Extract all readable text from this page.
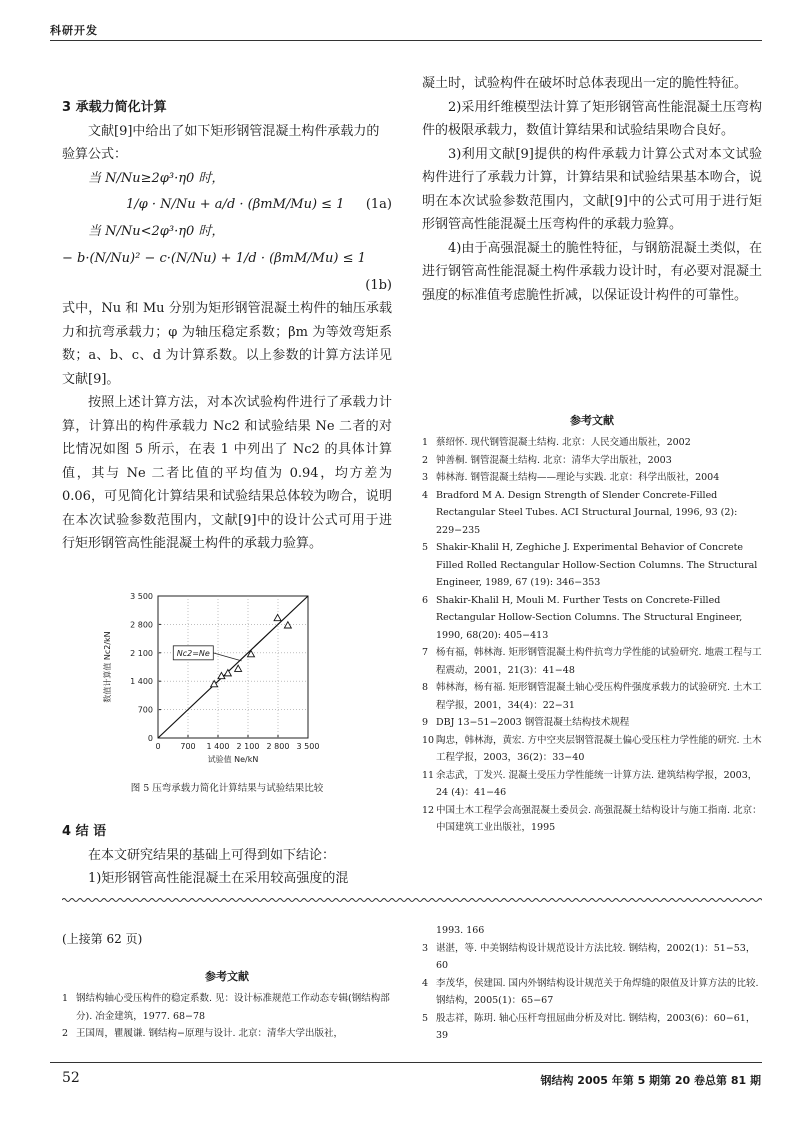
科研开发

3 承载力简化计算

文献[9]中给出了如下矩形钢管混凝土构件承载力的验算公式：

当 N/Nu≥2φ³·η0 时，

1/φ · N/Nu + a/d · (βmM/Mu) ≤ 1 (1a)

当 N/Nu<2φ³·η0 时，

− b·(N/Nu)² − c·(N/Nu) + 1/d · (βmM/Mu) ≤ 1
(1b)

式中，Nu 和 Mu 分别为矩形钢管混凝土构件的轴压承载力和抗弯承载力；φ 为轴压稳定系数；βm 为等效弯矩系数；a、b、c、d 为计算系数。以上参数的计算方法详见文献[9]。

按照上述计算方法，对本次试验构件进行了承载力计算，计算出的构件承载力 Nc2 和试验结果 Ne 二者的对比情况如图 5 所示，在表 1 中列出了 Nc2 的具体计算值，其与 Ne 二者比值的平均值为 0.94，均方差为 0.06，可见简化计算结果和试验结果总体较为吻合，说明在本次试验参数范围内，文献[9]中的设计公式可用于进行矩形钢管高性能混凝土构件的承载力验算。

0 700 1 400 2 100 2 800 3 500
0
700
1 400
2 100
2 800
3 500
Nc2=Ne
试验值 Ne/kN
数值计算值 Nc2/kN
图 5 压弯承载力简化计算结果与试验结果比较

4 结 语

在本文研究结果的基础上可得到如下结论：

1)矩形钢管高性能混凝土在采用较高强度的混

凝土时，试验构件在破坏时总体表现出一定的脆性特征。

2)采用纤维模型法计算了矩形钢管高性能混凝土压弯构件的极限承载力，数值计算结果和试验结果吻合良好。

3)利用文献[9]提供的构件承载力计算公式对本文试验构件进行了承载力计算，计算结果和试验结果基本吻合，说明在本次试验参数范围内，文献[9]中的公式可用于进行矩形钢管高性能混凝土压弯构件的承载力验算。

4)由于高强混凝土的脆性特征，与钢筋混凝土类似，在进行钢管高性能混凝土构件承载力设计时，有必要对混凝土强度的标准值考虑脆性折减，以保证设计构件的可靠性。

参考文献
1 蔡绍怀. 现代钢管混凝土结构. 北京：人民交通出版社，2002
2 钟善桐. 钢管混凝土结构. 北京：清华大学出版社，2003
3 韩林海. 钢管混凝土结构——理论与实践. 北京：科学出版社，2004
4 Bradford M A. Design Strength of Slender Concrete-Filled Rectangular Steel Tubes. ACI Structural Journal, 1996, 93 (2): 229−235
5 Shakir-Khalil H, Zeghiche J. Experimental Behavior of Concrete Filled Rolled Rectangular Hollow-Section Columns. The Structural Engineer, 1989, 67 (19): 346−353
6 Shakir-Khalil H, Mouli M. Further Tests on Concrete-Filled Rectangular Hollow-Section Columns. The Structural Engineer, 1990, 68(20): 405−413
7 杨有福，韩林海. 矩形钢管混凝土构件抗弯力学性能的试验研究. 地震工程与工程震动，2001，21(3)：41−48
8 韩林海，杨有福. 矩形钢管混凝土轴心受压构件强度承载力的试验研究. 土木工程学报，2001，34(4)：22−31
9 DBJ 13−51−2003 钢管混凝土结构技术规程
10 陶忠，韩林海，黄宏. 方中空夹层钢管混凝土偏心受压柱力学性能的研究. 土木工程学报，2003，36(2)：33−40
11 余志武，丁发兴. 混凝土受压力学性能统一计算方法. 建筑结构学报，2003，24 (4)：41−46
12 中国土木工程学会高强混凝土委员会. 高强混凝土结构设计与施工指南. 北京：中国建筑工业出版社，1995
(上接第 62 页)
参考文献
1 钢结构轴心受压构件的稳定系数. 见：设计标准规范工作动态专辑(钢结构部分). 冶金建筑，1977. 68−78
2 王国周，瞿履谦. 钢结构−原理与设计. 北京：清华大学出版社，
1993. 166
3 谌湛，等. 中美钢结构设计规范设计方法比较. 钢结构，2002(1)：51−53，60
4 李茂华，侯建国. 国内外钢结构设计规范关于角焊缝的限值及计算方法的比较. 钢结构，2005(1)：65−67
5 殷志祥，陈玥. 轴心压杆弯扭屈曲分析及对比. 钢结构，2003(6)：60−61，39
52	钢结构 2005 年第 5 期第 20 卷总第 81 期
